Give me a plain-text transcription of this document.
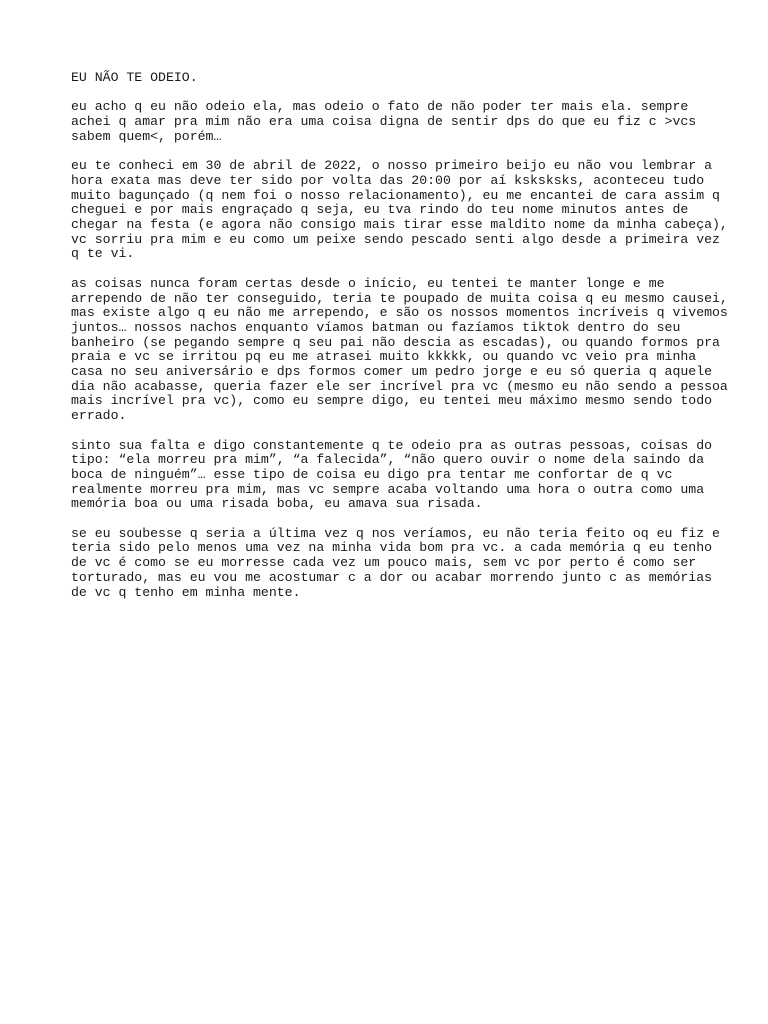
EU NÃO TE ODEIO.

eu acho q eu não odeio ela, mas odeio o fato de não poder ter mais ela. sempre
achei q amar pra mim não era uma coisa digna de sentir dps do que eu fiz c >vcs
sabem quem<, porém…

eu te conheci em 30 de abril de 2022, o nosso primeiro beijo eu não vou lembrar a
hora exata mas deve ter sido por volta das 20:00 por aí ksksksks, aconteceu tudo
muito bagunçado (q nem foi o nosso relacionamento), eu me encantei de cara assim q
cheguei e por mais engraçado q seja, eu tva rindo do teu nome minutos antes de
chegar na festa (e agora não consigo mais tirar esse maldito nome da minha cabeça),
vc sorriu pra mim e eu como um peixe sendo pescado senti algo desde a primeira vez
q te vi.

as coisas nunca foram certas desde o início, eu tentei te manter longe e me
arrependo de não ter conseguido, teria te poupado de muita coisa q eu mesmo causei,
mas existe algo q eu não me arrependo, e são os nossos momentos incríveis q vivemos
juntos… nossos nachos enquanto víamos batman ou fazíamos tiktok dentro do seu
banheiro (se pegando sempre q seu pai não descia as escadas), ou quando formos pra
praia e vc se irritou pq eu me atrasei muito kkkkk, ou quando vc veio pra minha
casa no seu aniversário e dps formos comer um pedro jorge e eu só queria q aquele
dia não acabasse, queria fazer ele ser incrível pra vc (mesmo eu não sendo a pessoa
mais incrível pra vc), como eu sempre digo, eu tentei meu máximo mesmo sendo todo
errado.

sinto sua falta e digo constantemente q te odeio pra as outras pessoas, coisas do
tipo: “ela morreu pra mim”, “a falecida”, “não quero ouvir o nome dela saindo da
boca de ninguém”… esse tipo de coisa eu digo pra tentar me confortar de q vc
realmente morreu pra mim, mas vc sempre acaba voltando uma hora o outra como uma
memória boa ou uma risada boba, eu amava sua risada.

se eu soubesse q seria a última vez q nos veríamos, eu não teria feito oq eu fiz e
teria sido pelo menos uma vez na minha vida bom pra vc. a cada memória q eu tenho
de vc é como se eu morresse cada vez um pouco mais, sem vc por perto é como ser
torturado, mas eu vou me acostumar c a dor ou acabar morrendo junto c as memórias
de vc q tenho em minha mente.
